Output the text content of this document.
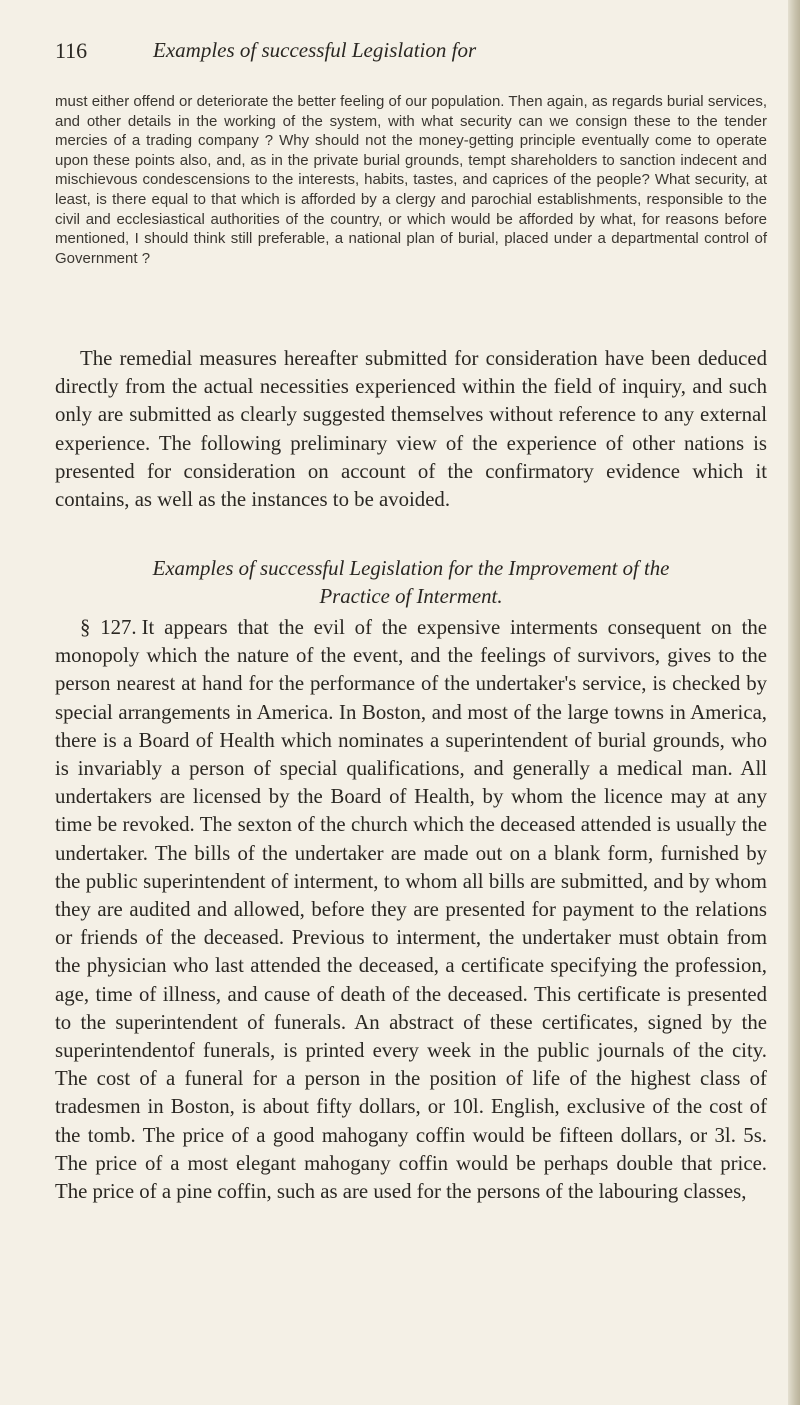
116	Examples of successful Legislation for

must either offend or deteriorate the better feeling of our population. Then again, as regards burial services, and other details in the working of the system, with what security can we consign these to the tender mercies of a trading company ? Why should not the money-getting principle eventually come to operate upon these points also, and, as in the private burial grounds, tempt shareholders to sanction indecent and mischievous condescensions to the interests, habits, tastes, and caprices of the people? What security, at least, is there equal to that which is afforded by a clergy and parochial establishments, responsible to the civil and ecclesiastical authorities of the country, or which would be afforded by what, for reasons before mentioned, I should think still preferable, a national plan of burial, placed under a departmental control of Government ?

The remedial measures hereafter submitted for consideration have been deduced directly from the actual necessities experienced within the field of inquiry, and such only are submitted as clearly suggested themselves without reference to any external experience. The following preliminary view of the experience of other nations is presented for consideration on account of the confirmatory evidence which it contains, as well as the instances to be avoided.

Examples of successful Legislation for the Improvement of the
Practice of Interment.

§ 127. It appears that the evil of the expensive interments consequent on the monopoly which the nature of the event, and the feelings of survivors, gives to the person nearest at hand for the performance of the undertaker's service, is checked by special arrangements in America. In Boston, and most of the large towns in America, there is a Board of Health which nominates a superintendent of burial grounds, who is invariably a person of special qualifications, and generally a medical man. All undertakers are licensed by the Board of Health, by whom the licence may at any time be revoked. The sexton of the church which the deceased attended is usually the undertaker. The bills of the undertaker are made out on a blank form, furnished by the public superintendent of interment, to whom all bills are submitted, and by whom they are audited and allowed, before they are presented for payment to the relations or friends of the deceased. Previous to interment, the undertaker must obtain from the physician who last attended the deceased, a certificate specifying the profession, age, time of illness, and cause of death of the deceased. This certificate is presented to the superintendent of funerals. An abstract of these certificates, signed by the superintendentof funerals, is printed every week in the public journals of the city. The cost of a funeral for a person in the position of life of the highest class of tradesmen in Boston, is about fifty dollars, or 10l. English, exclusive of the cost of the tomb. The price of a good mahogany coffin would be fifteen dollars, or 3l. 5s. The price of a most elegant mahogany coffin would be perhaps double that price. The price of a pine coffin, such as are used for the persons of the labouring classes,
